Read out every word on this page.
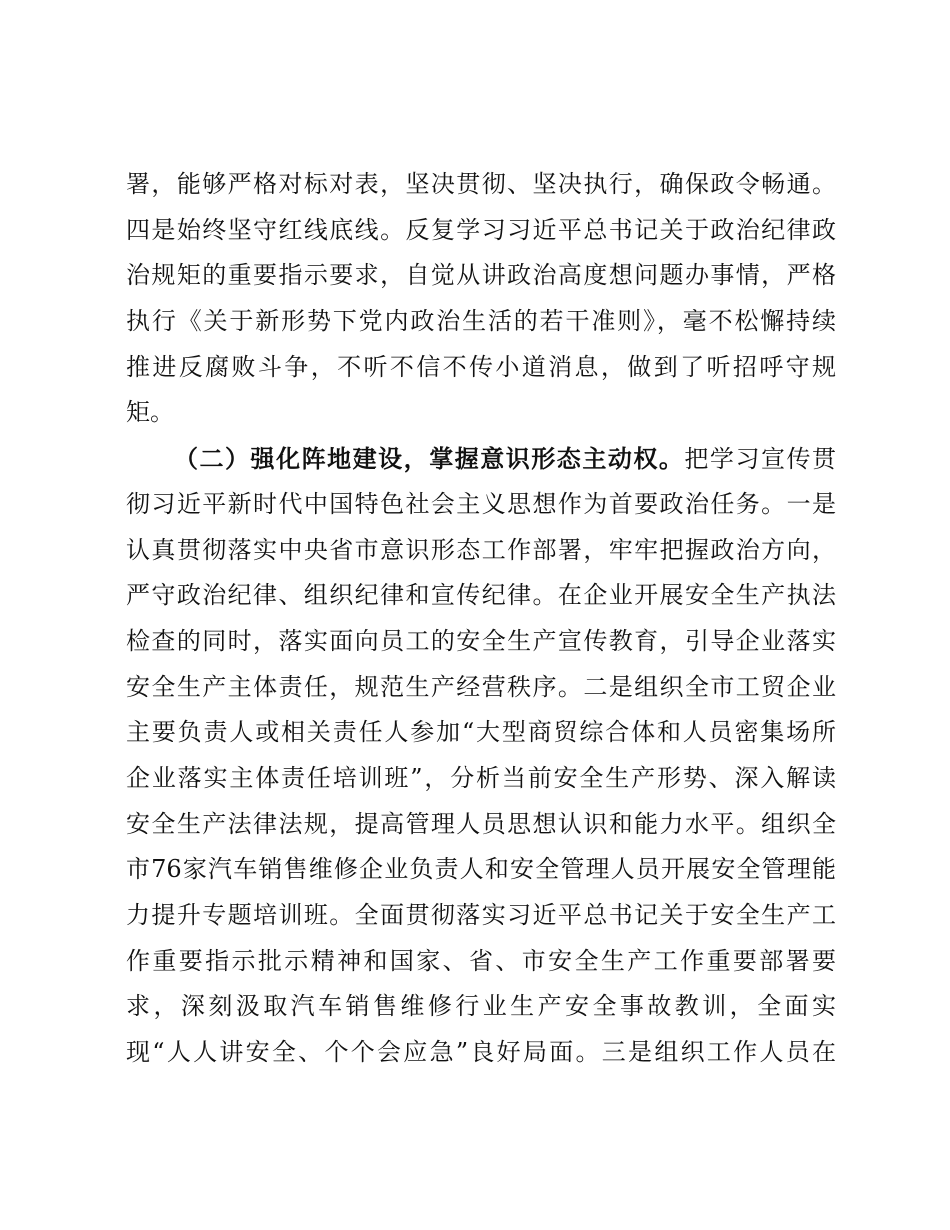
署，能够严格对标对表，坚决贯彻、坚决执行，确保政令畅通。
四是始终坚守红线底线。反复学习习近平总书记关于政治纪律政
治规矩的重要指示要求，自觉从讲政治高度想问题办事情，严格
执行《关于新形势下党内政治生活的若干准则》，毫不松懈持续
推进反腐败斗争，不听不信不传小道消息，做到了听招呼守规
矩。
（二）强化阵地建设，掌握意识形态主动权。把学习宣传贯
彻习近平新时代中国特色社会主义思想作为首要政治任务。一是
认真贯彻落实中央省市意识形态工作部署，牢牢把握政治方向，
严守政治纪律、组织纪律和宣传纪律。在企业开展安全生产执法
检查的同时，落实面向员工的安全生产宣传教育，引导企业落实
安全生产主体责任，规范生产经营秩序。二是组织全市工贸企业
主要负责人或相关责任人参加“大型商贸综合体和人员密集场所
企业落实主体责任培训班”，分析当前安全生产形势、深入解读
安全生产法律法规，提高管理人员思想认识和能力水平。组织全
市76家汽车销售维修企业负责人和安全管理人员开展安全管理能
力提升专题培训班。全面贯彻落实习近平总书记关于安全生产工
作重要指示批示精神和国家、省、市安全生产工作重要部署要
求，深刻汲取汽车销售维修行业生产安全事故教训，全面实
现“人人讲安全、个个会应急”良好局面。三是组织工作人员在
